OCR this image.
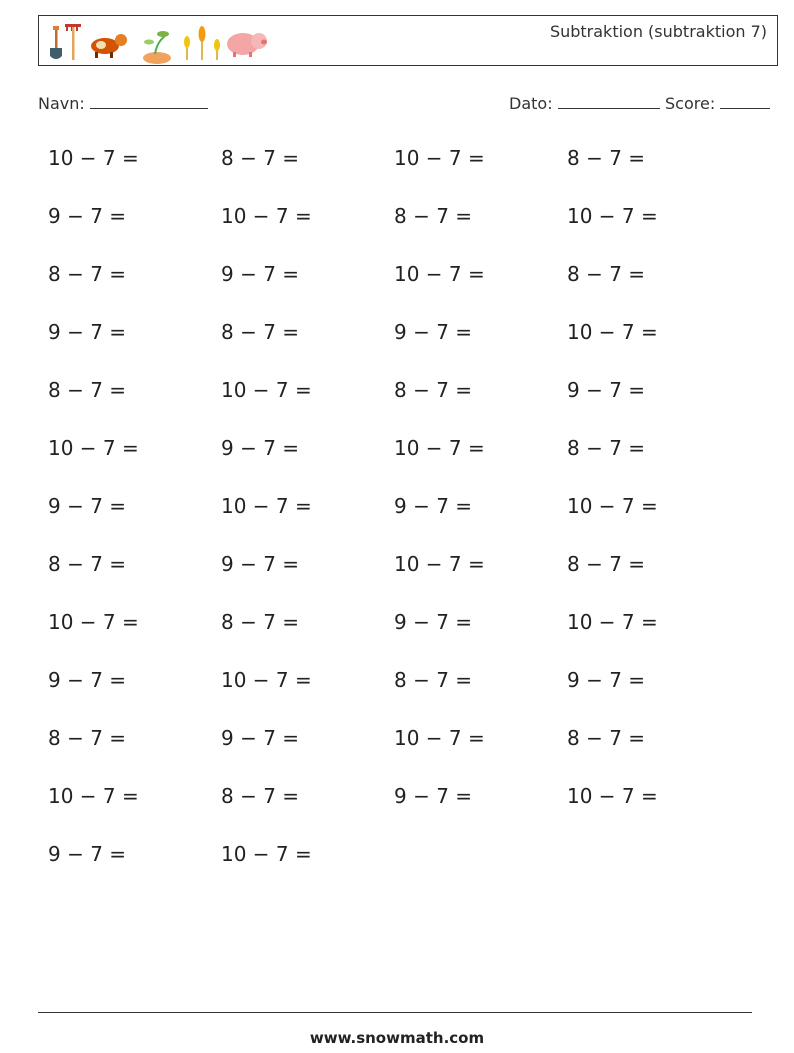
Subtraktion (subtraktion 7)
Navn:	Dato:	Score:
10 − 7 =	8 − 7 =	10 − 7 =	8 − 7 =
9 − 7 =	10 − 7 =	8 − 7 =	10 − 7 =
8 − 7 =	9 − 7 =	10 − 7 =	8 − 7 =
9 − 7 =	8 − 7 =	9 − 7 =	10 − 7 =
8 − 7 =	10 − 7 =	8 − 7 =	9 − 7 =
10 − 7 =	9 − 7 =	10 − 7 =	8 − 7 =
9 − 7 =	10 − 7 =	9 − 7 =	10 − 7 =
8 − 7 =	9 − 7 =	10 − 7 =	8 − 7 =
10 − 7 =	8 − 7 =	9 − 7 =	10 − 7 =
9 − 7 =	10 − 7 =	8 − 7 =	9 − 7 =
8 − 7 =	9 − 7 =	10 − 7 =	8 − 7 =
10 − 7 =	8 − 7 =	9 − 7 =	10 − 7 =
9 − 7 =	10 − 7 =
www.snowmath.com
